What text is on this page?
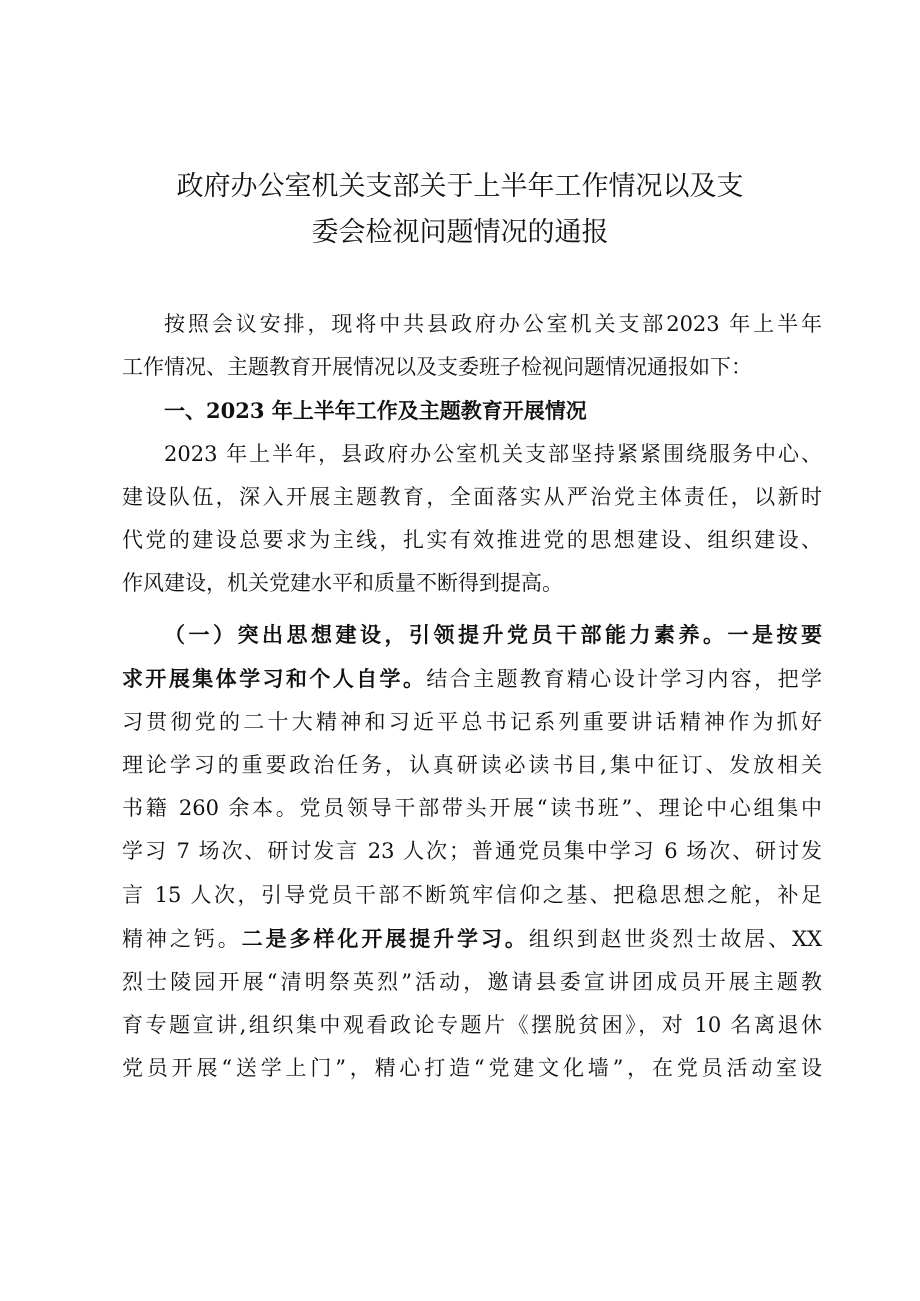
政府办公室机关支部关于上半年工作情况以及支
委会检视问题情况的通报

按照会议安排，现将中共县政府办公室机关支部2023 年上半年
工作情况、主题教育开展情况以及支委班子检视问题情况通报如下：

一、2023 年上半年工作及主题教育开展情况

2023 年上半年，县政府办公室机关支部坚持紧紧围绕服务中心、
建设队伍，深入开展主题教育，全面落实从严治党主体责任，以新时
代党的建设总要求为主线，扎实有效推进党的思想建设、组织建设、
作风建设，机关党建水平和质量不断得到提高。

（一）突出思想建设，引领提升党员干部能力素养。一是按要
求开展集体学习和个人自学。结合主题教育精心设计学习内容，把学
习贯彻党的二十大精神和习近平总书记系列重要讲话精神作为抓好
理论学习的重要政治任务，认真研读必读书目,集中征订、发放相关
书籍 260 余本。党员领导干部带头开展“读书班”、理论中心组集中
学习 7 场次、研讨发言 23 人次；普通党员集中学习 6 场次、研讨发
言 15 人次，引导党员干部不断筑牢信仰之基、把稳思想之舵，补足
精神之钙。二是多样化开展提升学习。组织到赵世炎烈士故居、XX
烈士陵园开展“清明祭英烈”活动，邀请县委宣讲团成员开展主题教
育专题宣讲,组织集中观看政论专题片《摆脱贫困》，对 10 名离退休
党员开展“送学上门”，精心打造“党建文化墙”，在党员活动室设
